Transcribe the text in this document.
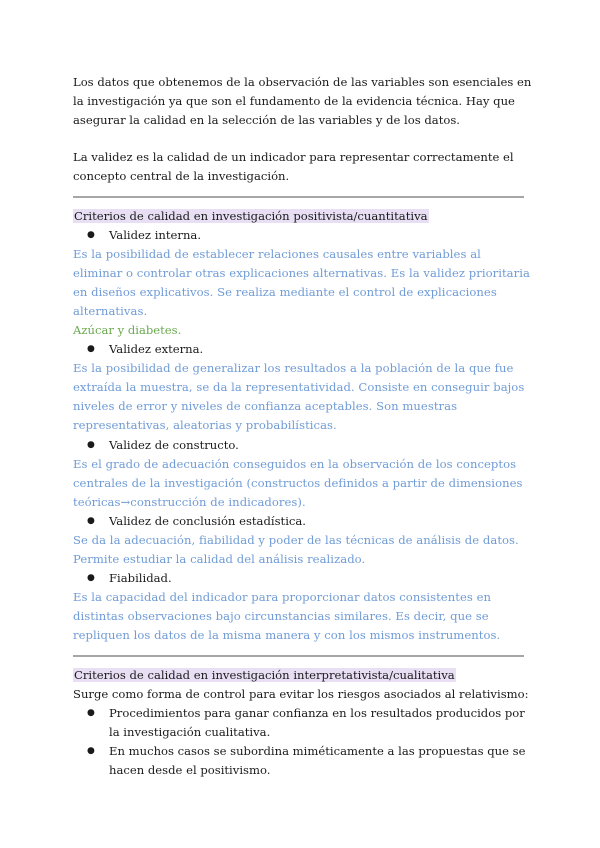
Los datos que obtenemos de la observación de las variables son esenciales en la investigación ya que son el fundamento de la evidencia técnica. Hay que asegurar la calidad en la selección de las variables y de los datos.

La validez es la calidad de un indicador para representar correctamente el concepto central de la investigación.

Criterios de calidad en investigación positivista/cuantitativa

● Validez interna.

Es la posibilidad de establecer relaciones causales entre variables al eliminar o controlar otras explicaciones alternativas. Es la validez prioritaria en diseños explicativos. Se realiza mediante el control de explicaciones alternativas.

Azúcar y diabetes.

● Validez externa.

Es la posibilidad de generalizar los resultados a la población de la que fue extraída la muestra, se da la representatividad. Consiste en conseguir bajos niveles de error y niveles de confianza aceptables. Son muestras representativas, aleatorias y probabilísticas.

● Validez de constructo.

Es el grado de adecuación conseguidos en la observación de los conceptos centrales de la investigación (constructos definidos a partir de dimensiones teóricas→construcción de indicadores).

● Validez de conclusión estadística.

Se da la adecuación, fiabilidad y poder de las técnicas de análisis de datos. Permite estudiar la calidad del análisis realizado.

● Fiabilidad.

Es la capacidad del indicador para proporcionar datos consistentes en distintas observaciones bajo circunstancias similares. Es decir, que se repliquen los datos de la misma manera y con los mismos instrumentos.

Criterios de calidad en investigación interpretativista/cualitativa

Surge como forma de control para evitar los riesgos asociados al relativismo:

● Procedimientos para ganar confianza en los resultados producidos por la investigación cualitativa.

● En muchos casos se subordina miméticamente a las propuestas que se hacen desde el positivismo.
